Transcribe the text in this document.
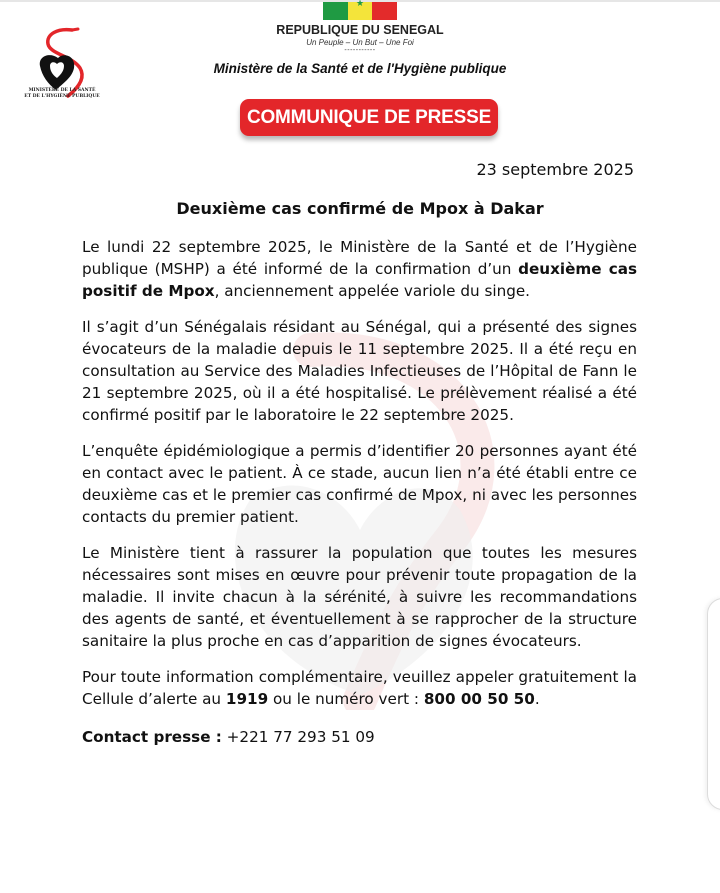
MINISTÈRE DE LA SANTÉ
ET DE L'HYGIÈNE PUBLIQUE
★
REPUBLIQUE DU SENEGAL
Un Peuple – Un But – Une Foi
-----------
Ministère de la Santé et de l'Hygiène publique
COMMUNIQUE DE PRESSE
23 septembre 2025
Deuxième cas confirmé de Mpox à Dakar

Le lundi 22 septembre 2025, le Ministère de la Santé et de l’Hygiène publique (MSHP) a été informé de la confirmation d’un deuxième cas positif de Mpox, anciennement appelée variole du singe.

Il s’agit d’un Sénégalais résidant au Sénégal, qui a présenté des signes évocateurs de la maladie depuis le 11 septembre 2025. Il a été reçu en consultation au Service des Maladies Infectieuses de l’Hôpital de Fann le 21 septembre 2025, où il a été hospitalisé. Le prélèvement réalisé a été confirmé positif par le laboratoire le 22 septembre 2025.

L’enquête épidémiologique a permis d’identifier 20 personnes ayant été en contact avec le patient. À ce stade, aucun lien n’a été établi entre ce deuxième cas et le premier cas confirmé de Mpox, ni avec les personnes contacts du premier patient.

Le Ministère tient à rassurer la population que toutes les mesures nécessaires sont mises en œuvre pour prévenir toute propagation de la maladie. Il invite chacun à la sérénité, à suivre les recommandations des agents de santé, et éventuellement à se rapprocher de la structure sanitaire la plus proche en cas d’apparition de signes évocateurs.

Pour toute information complémentaire, veuillez appeler gratuitement la Cellule d’alerte au 1919 ou le numéro vert : 800 00 50 50.

Contact presse : +221 77 293 51 09
